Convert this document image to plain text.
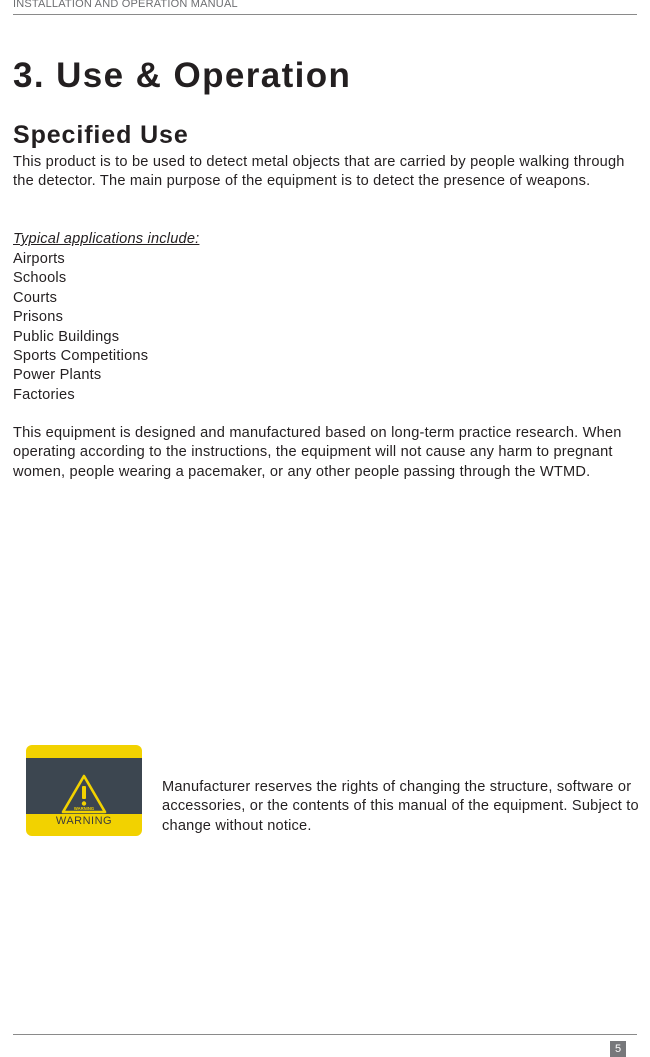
INSTALLATION AND OPERATION MANUAL
3. Use & Operation
Specified Use

This product is to be used to detect metal objects that are carried by people walking through the detector. The main purpose of the equipment is to detect the presence of weapons.

Typical applications include:

Airports
Schools
Courts
Prisons
Public Buildings
Sports Competitions
Power Plants
Factories

This equipment is designed and manufactured based on long-term practice research. When operating according to the instructions, the equipment will not cause any harm to pregnant women, people wearing a pacemaker, or any other people passing through the WTMD.

WARNING
WARNING

Manufacturer reserves the rights of changing the structure, software or accessories, or the contents of this manual of the equipment. Subject to change without notice.

5
